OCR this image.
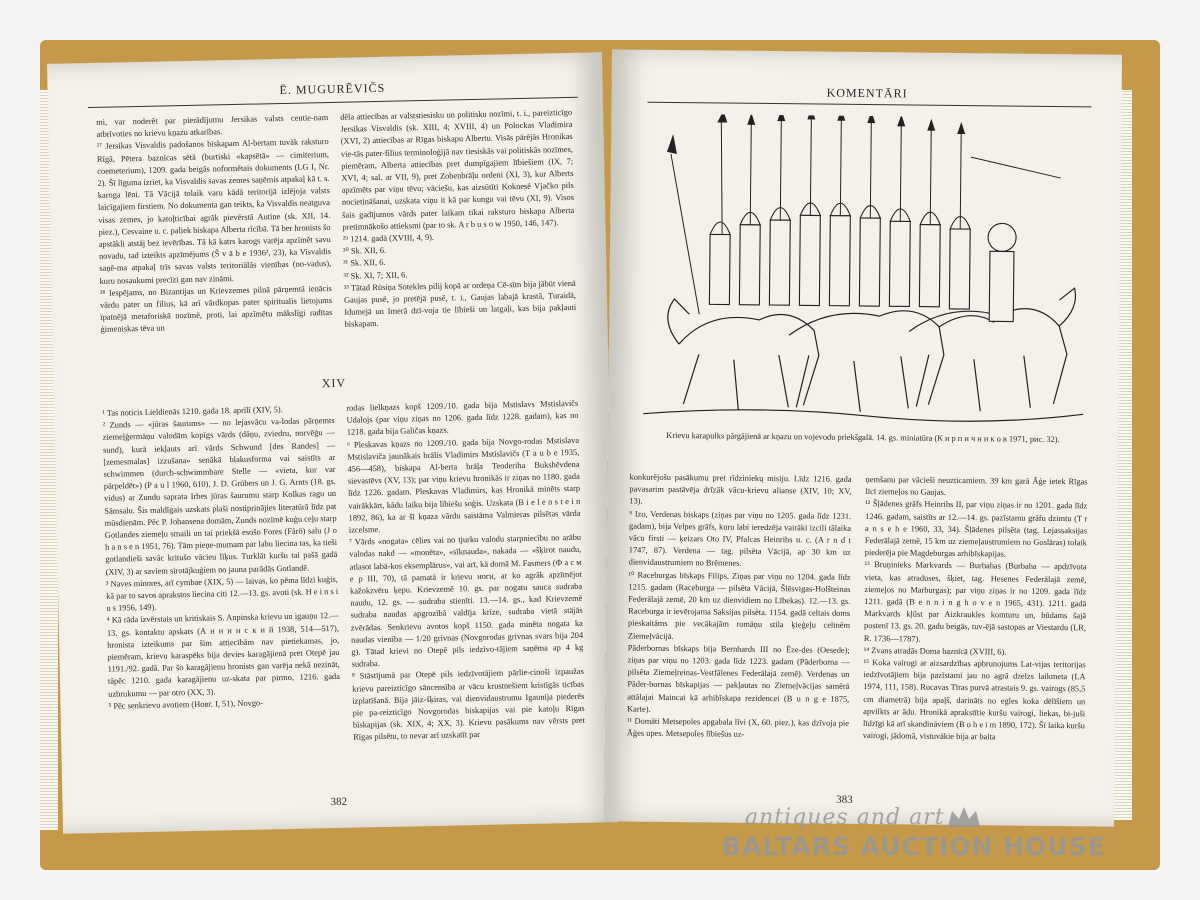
Ē. MUGURĒVIČS

mi, var noderēt par pierādījumu Jersikas valsts centie-nam atbrīvoties no krievu kņazu atkarības.

²⁷ Jersikas Visvaldis padošanos biskapam Al-bertam tuvāk raksturo Rīgā, Pētera baznīcas sētā (burtiski «kapsētā» — cimiterium, coemeterium), 1209. gada beigās noformētais dokuments (LG I, Nr. 2). Šī līguma izriet, ka Visvaldis savas zemes saņēmis atpakaļ kā t. s. karoga lēni. Tā Vācijā tolaik varu kādā teritorijā izlējoja valsts laicīgajiem firstiem. No dokumenta gan teikts, ka Visvaldis neatguva visas zemes, jo katoļticībai agrāk pievērstā Autine (sk. XII, 14. piez.), Cesvaine u. c. paliek biskapa Alberta rīcībā. Tā ber hronists šo apstākli atstāj bez ievērības. Tā kā katrs karogs varēja apzīmēt savu novadu, tad izteikts apzīmējums (Š v ā b e 1936², 23), ka Visvaldis saņē-ma atpakaļ trīs savas valsts teritoriālās vienības (no-vadus), kuru nosaukumi precīzi gan nav zināmi.

²⁸ Iespējams, no Bizantijas un Krievzemes pilnā pārņemtā ienācis vārdu pater un filius, kā arī vārdkopas pater spiritualis lietojums īpatnējā metaforiskā nozīmē, proti, lai apzīmētu mākslīgi radītas ģimeniskas tēva un

dēla attiecības ar valststiesisku un politisku nozīmi, t. i., pareizticīgo Jersikas Visvaldis (sk. XIII, 4; XVIII, 4) un Polockas Vladimira (XVI, 2) attiecības ar Rīgas biskapu Albertu. Visās pārējās Hronikas vie-tās pater-filius terminoloģijā nav tiesiskās vai politiskās nozīmes, piemēram, Alberta attiecības pret dumpīgajiem lībiešiem (IX, 7; XVI, 4; sal. ar VII, 9), pret Zobenbrāļu ordeni (XI, 3), kur Alberts apzīmēts par viņu tēvu; vāciešu, kas aizsūtīti Koknesē Vjačko pils nocietināšanai, uzskata viņu it kā par kungu vai tēvu (XI, 9). Visos šais gadījumos vārds pater laikam tikai raksturo biskapa Alberta pretimnākošo attieksmi (par to sk. A r b u s o w 1950, 146, 147).

²⁹ 1214. gadā (XVIII, 4, 9).

³⁰ Sk. XII, 6.

³¹ Sk. XII, 6.

³² Sk. XI, 7; XII, 6.

³³ Tātad Rūsiņa Sotekles pilij kopā ar ordeņa Cē-sīm bija jābūt vienā Gaujas pusē, jo pretējā pusē, t. i., Gaujas labajā krastā, Turaidā, Idumejā un Imerā dzī-voja tie lībieši un latgaļi, kas bija pakļauti biskapam.

XIV

¹ Tas noticis Lieldienās 1210. gada 18. aprīlī (XIV, 5).

² Zunds — «jūras šaurums» — no lejasvācu va-lodas pārņemts ziemeļģermāņu valodām kopīgs vārds (dāņu, zviedru, norvēģu — sund), kurā iekļauts arī vārds Schwund [des Randes] — [zemesmalas] izzušana» senākā blakusforma vai saistīts ar schwimmen (durch-schwimmbare Stelle — «vieta, kur var pārpeldēt») (P a u l 1960, 610). J. D. Grūbers un J. G. Arnts (18. gs. vidus) ar Zundu saprata Irbes jūras šaurumu starp Kolkas ragu un Sāmsalu. Šis maldīgais uzskats plaši nostiprinājies literatūrā līdz pat mūsdienām. Pēc P. Johansena domām, Zunds nozīmē kuģu ceļu starp Gotlandes ziemeļu smaili un tai priekšā esošo Fores (Fårö) salu (J o h a n s e n 1951, 76). Tām pieņe-mumam par labu liecina tas, ka tieši gotlandieši savāc kritušo vācieu līķus. Turklāt kuršu tai pašā gadā (XIV, 3) ar saviem sirotājkuģiem no jauna parādās Gotlandē.

³ Naves minores, arī cymbae (XIX, 5) — laivas, ko pēma līdzi kuģis, kā par to savos aprakstos liecina citi 12.—13. gs. avoti (sk. H e i n s i u s 1956, 149).

⁴ Kā rāda izvērstais un kritiskais S. Anpinska krievu un igauņu 12.—13. gs. kontaktu apskats (А н н и н с к и й 1938, 514—517), hronista izteikums par šim attiecībām nav pietiekamas, jo, piemēram, krievu karaspēks bija devies karagājienā pret Otepē jau 1191./92. gadā. Par šo karagājienu hronists gan varēja nekā nezināt, tāpēc 1210. gada karagājienu uz-skata par pirmo, 1216. gada uzbrukumu — par otro (XX, 3).

⁵ Pēc senkrievu avotiem (Новг. I, 51), Novgo-

rodas lielkņazs kopš 1209./10. gada bija Mstislavs Mstislavičs Udalojs (par viņu ziņas no 1206. gada līdz 1228. gadam), kas no 1218. gada bija Galičas kņazs.

⁶ Pleskavas kņazs no 1209./10. gada bija Novgo-rodas Mstislava Mstislaviča jaunākais brālis Vladimirs Mstislavičs (T a u b e 1935, 456—458), biskapa Al-berta brāļa Teoderiha Bukshēvdena sievastēvs (XV, 13); par viņu krievu hronikās ir ziņas no 1180. gada līdz 1226. gadam. Pleskavas Vladimirs, kas Hronikā minēts starp vairākkārt, kādu laiku bija lībiešu soģis. Uzskata (B i e l e n s t e i n 1892, 86), ka ar šī kņaza vārdu saistāma Valmieras pilsētas vārda izcelsme.

⁷ Vārds «nogata» cēlies vai no tjurku valodu starpniecību no arābu valodas nakd — «monēta», «sīknauda», nakada — «šķirot naudu, atlasot labā-kos eksemplārus», vai arī, kā domā M. Fasmers (Ф а с м е р III, 70), tā pamatā ir krievu ноги, ar ko agrāk apzīmējot kažokzvēru ķepu. Krievzemē 10. gs. par nogatu sauca sudraba naudu, 12. gs. — sudraba stienīti. 13.—14. gs., kad Krievzemē sudraba naudas apgrozībā valdīja krīze, sudraba vietā stājās zvērādas. Senkrievu avotos kopš 1150. gada minēta nogata ka naudas vienība — 1/20 grivnas (Novgorodas grivnas svars bija 204 g). Tātad krievi no Otepē pils iedzīvo-tājiem saņēma ap 4 kg sudraba.

⁸ Stāstījumā par Otepē pils iedzīvotājiem pārlie-cinoši izpaužas krievu pareizticīgo sāncensība ar vācu krustnešiem kristīgās ticības izplatīšanā. Bija jāiz-šķiras, vai dienvidaustrumu Igaunija piederēs pie pa-reizticīgo Novgorodas biskapijas vai pie katoļu Rīgas bīskapijas (sk. XIX, 4; XX, 3). Krievu pasākums nav vērsts pret Rīgas pilsētu, to nevar arī uzskatīt par

382
KOMENTĀRI
Krievu karapulks pārgājienā ar kņazu un vojevodu priekšgalā. 14. gs. miniatūra (К и р п и ч н и к о в 1971, рис. 32).

konkurējošu pasākumu pret rīdziniekų misiju. Līdz 1216. gada pavasarim pastāvēja drīzāk vācu-krievu alianse (XIV, 10; XV, 13).

⁹ Izo, Verdenas biskaps (ziņas par viņu no 1205. gada līdz 1231. gadam), bija Velpes grāfs, kuru labi ieredzēja vairāki izcili tālaika vācu firsti — ķeizars Oto IV, Pfalcas Heinrihs u. c. (A r n d t 1747, 87). Verdena — tag. pilsēta Vācijā, ap 30 km uz dienvidaustrumiem no Brēmenes.

¹⁰ Raceburgas bīskaps Filips. Ziņas par viņu no 1204. gada līdz 1215. gadam (Raceburga — pilsēta Vācijā, Šlēsvigas-Holšteinas Federālajā zemē, 20 km uz dienvidiem no Lībekas). 12.—13. gs. Raceburga ir ievērojama Saksijas pilsēta. 1154. gadā celtais doms pieskaitāms pie vecākajām romāņu stila ķieģeļu celtnēm Ziemeļvācijā.

Pāderbornas bīskaps bija Bernhards III no Ēze-des (Oesede); ziņas par viņu no 1203. gada līdz 1223. gadam (Pāderborna — pilsēta Ziemeļreinas-Vestfālenes Federālajā zemē). Verdenas un Pāder-bornas bīskapijas — pakļautas no Ziemeļvācijas samērā attālajai Maincai kā arhibīskapa rezidencei (B u n g e 1875, Karte).

¹¹ Domāti Metsepoles apgabala līvi (X, 60. piez.), kas dzīvoja pie Āģes upes. Metsepoles lībiešus uz-

ņemšanu par vācieši neuzticamiem. 39 km garā Āģe ietek Rīgas līcī ziemeļos no Gaujas.

¹² Šļādenes grāfs Heinrihs II, par viņu ziņas ir no 1201. gada līdz 1246. gadam, saistīts ar 12.—14. gs. pazīstamu grāfu dzimtu (T r a n s e h e 1960, 33, 34). Šļādenes pilsēta (tag. Lejassaksijas Federālajā zemē, 15 km uz ziemeļaustrumiem no Goslāras) tolaik piederēja pie Magdeburgas arhibīskapijas.

¹³ Bruņinieks Markvards — Burbahas (Burbaha — apdzīvota vieta, kas atraduses, šķiet, tag. Hesenes Federālajā zemē, ziemeļos no Marburgas); par viņu ziņas ir no 1209. gada līdz 1211. gadā (B e n n i n g h o v e n 1965, 431). 1211. gadā Markvards kļūst par Aizkraukles komturu un, būdams šajā postenī 13. gs. 20. gadu beigās, tuv-ējā sastopas ar Viestardu (LR, R. 1736—1787).

¹⁴ Zvans atradās Doma baznīcā (XVIII, 6).

¹⁵ Koka vairogi ar aizsardzības apbrunojums Lat-vijas teritorijas iedzīvotājiem bija pazīstami jau no agrā dzelzs laikmeta (LA 1974, 111, 158). Rucavas Tīras purvā atrastais 9. gs. vairogs (85,5 cm diametrā) bija apaļš, darināts no egles koka dēlīšiem un apvilkts ar ādu. Hronikā aprakstītie kuršu vairogi, liekas, bi-juši līdzīgi kā arī skandināviem (B o h e i m 1890, 172). Šī laika kuršu vairogi, jādomā, vistuvākie bija ar balta

383
antiques and art
BALTARS AUCTION HOUSE
